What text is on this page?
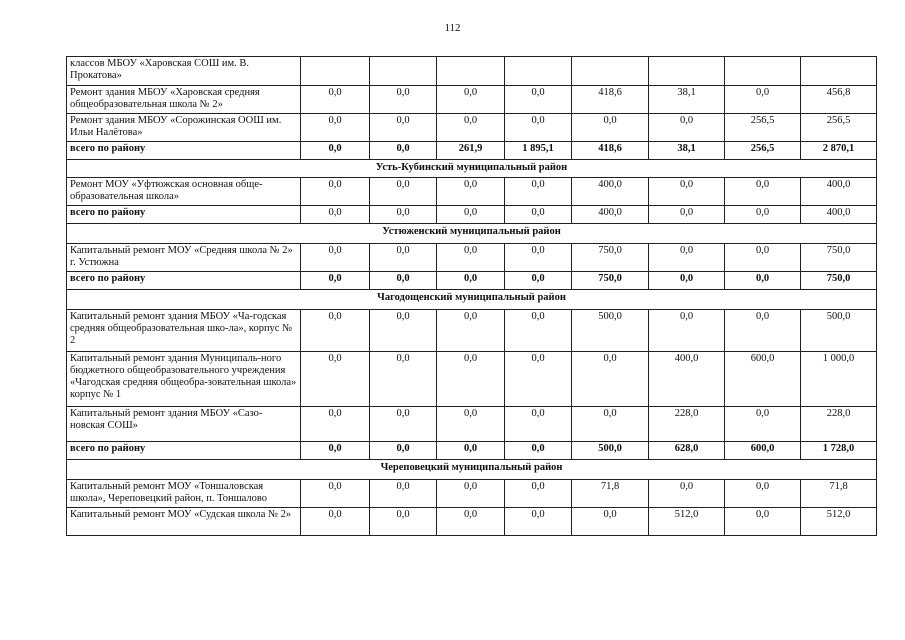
112
классов МБОУ «Харовская СОШ им. В. Прокатова»								
Ремонт здания МБОУ «Харовская средняя общеобразовательная школа № 2»	0,0	0,0	0,0	0,0	418,6	38,1	0,0	456,8
Ремонт здания МБОУ «Сорожинская ООШ им. Ильи Налётова»	0,0	0,0	0,0	0,0	0,0	0,0	256,5	256,5
всего по району	0,0	0,0	261,9	1 895,1	418,6	38,1	256,5	2 870,1
Усть-Кубинский муниципальный район								
Ремонт МОУ «Уфтюжская основная обще-образовательная школа»	0,0	0,0	0,0	0,0	400,0	0,0	0,0	400,0
всего по району	0,0	0,0	0,0	0,0	400,0	0,0	0,0	400,0
Устюженский муниципальный район								
Капитальный ремонт МОУ «Средняя школа № 2» г. Устюжна	0,0	0,0	0,0	0,0	750,0	0,0	0,0	750,0
всего по району	0,0	0,0	0,0	0,0	750,0	0,0	0,0	750,0
Чагодощенский муниципальный район								
Капитальный ремонт здания МБОУ «Ча-годская средняя общеобразовательная шко-ла», корпус № 2	0,0	0,0	0,0	0,0	500,0	0,0	0,0	500,0
Капитальный ремонт здания Муниципаль-ного бюджетного общеобразовательного учреждения «Чагодская средняя общеобра-зовательная школа» корпус № 1	0,0	0,0	0,0	0,0	0,0	400,0	600,0	1 000,0
Капитальный ремонт здания МБОУ «Сазо-новская СОШ»	0,0	0,0	0,0	0,0	0,0	228,0	0,0	228,0
всего по району	0,0	0,0	0,0	0,0	500,0	628,0	600,0	1 728,0
Череповецкий муниципальный район								
Капитальный ремонт МОУ «Тоншаловская школа», Череповецкий район, п. Тоншалово	0,0	0,0	0,0	0,0	71,8	0,0	0,0	71,8
Капитальный ремонт МОУ «Судская школа № 2»	0,0	0,0	0,0	0,0	0,0	512,0	0,0	512,0
